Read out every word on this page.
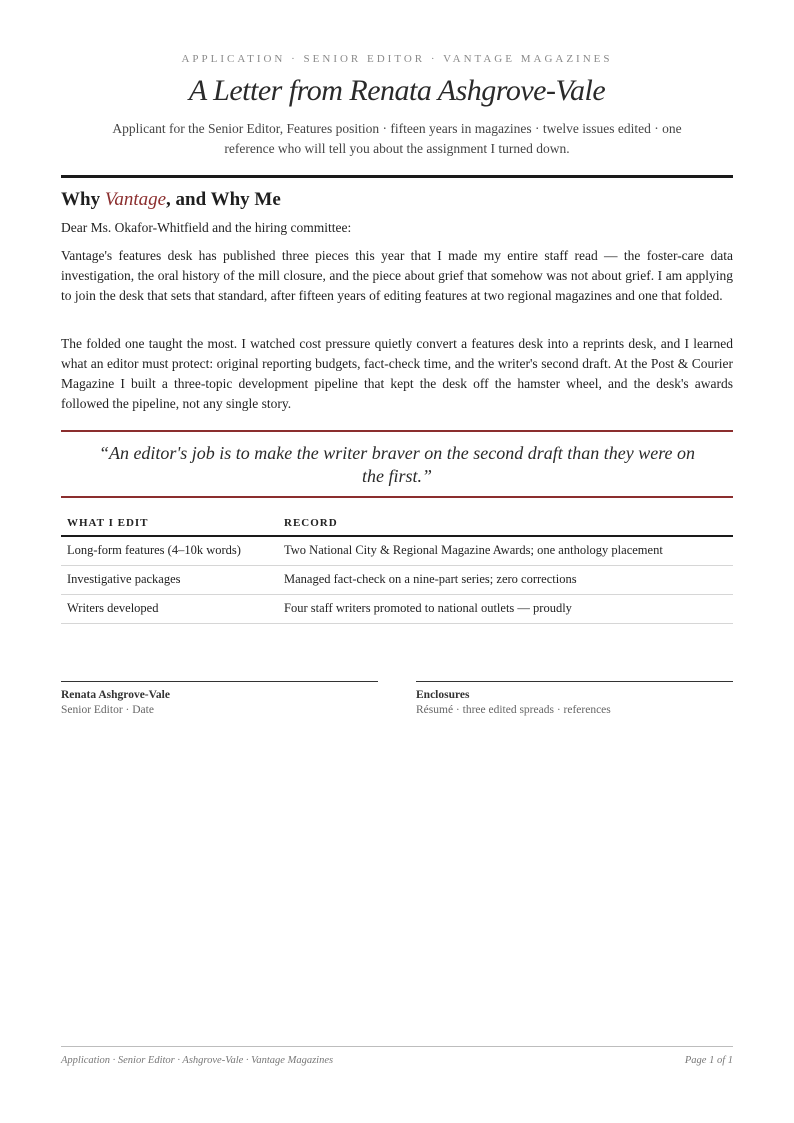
APPLICATION · SENIOR EDITOR · VANTAGE MAGAZINES
A Letter from Renata Ashgrove-Vale
Applicant for the Senior Editor, Features position · fifteen years in magazines · twelve issues edited · one reference who will tell you about the assignment I turned down.
Why Vantage, and Why Me
Dear Ms. Okafor-Whitfield and the hiring committee:
Vantage's features desk has published three pieces this year that I made my entire staff read — the foster-care data investigation, the oral history of the mill closure, and the piece about grief that somehow was not about grief. I am applying to join the desk that sets that standard, after fifteen years of editing features at two regional magazines and one that folded.
The folded one taught the most. I watched cost pressure quietly convert a features desk into a reprints desk, and I learned what an editor must protect: original reporting budgets, fact-check time, and the writer's second draft. At the Post & Courier Magazine I built a three-topic development pipeline that kept the desk off the hamster wheel, and the desk's awards followed the pipeline, not any single story.
“An editor's job is to make the writer braver on the second draft than they were on the first.”
WHAT I EDIT	RECORD
Long-form features (4–10k words)	Two National City & Regional Magazine Awards; one anthology placement
Investigative packages	Managed fact-check on a nine-part series; zero corrections
Writers developed	Four staff writers promoted to national outlets — proudly
Renata Ashgrove-Vale
Senior Editor · Date
Enclosures
Résumé · three edited spreads · references
Application · Senior Editor · Ashgrove-Vale · Vantage Magazines	Page 1 of 1
